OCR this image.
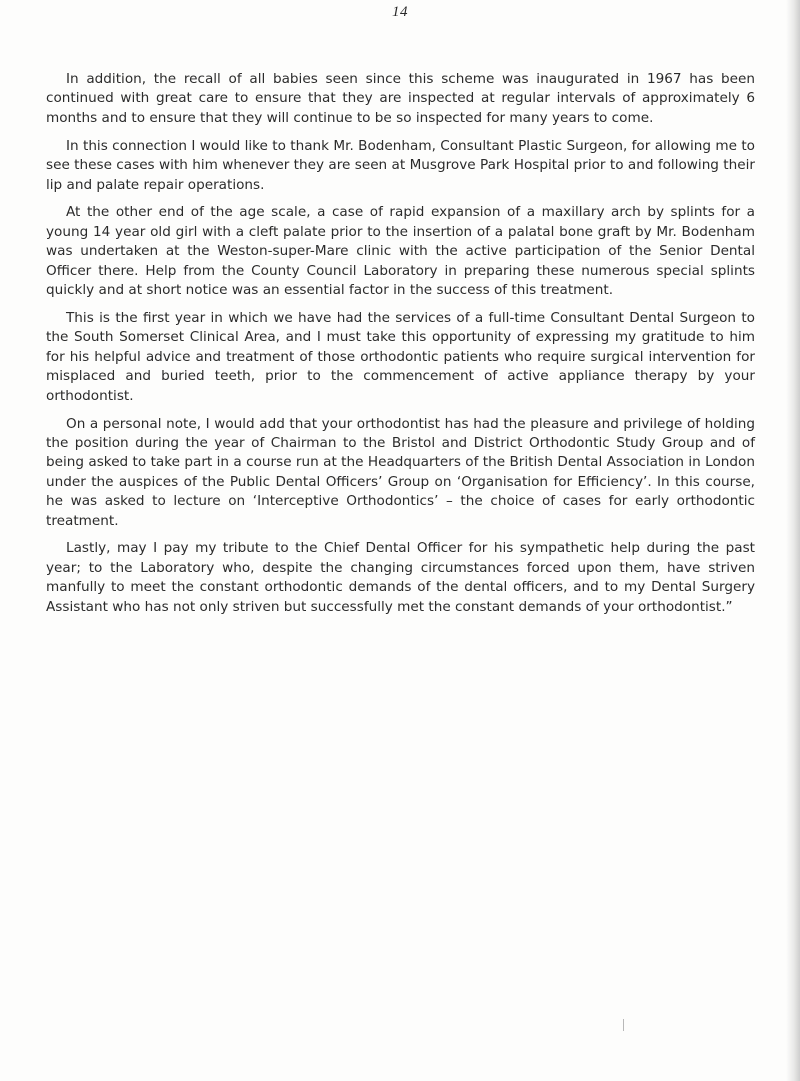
14

In addition, the recall of all babies seen since this scheme was inaugurated in 1967 has been continued with great care to ensure that they are inspected at regular intervals of approximately 6 months and to ensure that they will continue to be so inspected for many years to come.

In this connection I would like to thank Mr. Bodenham, Consultant Plastic Surgeon, for allowing me to see these cases with him whenever they are seen at Musgrove Park Hospital prior to and following their lip and palate repair operations.

At the other end of the age scale, a case of rapid expansion of a maxillary arch by splints for a young 14 year old girl with a cleft palate prior to the insertion of a palatal bone graft by Mr. Bodenham was undertaken at the Weston-super-Mare clinic with the active participation of the Senior Dental Officer there. Help from the County Council Laboratory in preparing these numerous special splints quickly and at short notice was an essential factor in the success of this treatment.

This is the first year in which we have had the services of a full-time Consultant Dental Surgeon to the South Somerset Clinical Area, and I must take this opportunity of expressing my gratitude to him for his helpful advice and treatment of those orthodontic patients who require surgical intervention for misplaced and buried teeth, prior to the commencement of active appliance therapy by your orthodontist.

On a personal note, I would add that your orthodontist has had the pleasure and privilege of holding the position during the year of Chairman to the Bristol and District Orthodontic Study Group and of being asked to take part in a course run at the Headquarters of the British Dental Association in London under the auspices of the Public Dental Officers’ Group on ‘Organisation for Efficiency’. In this course, he was asked to lecture on ‘Interceptive Orthodontics’ – the choice of cases for early orthodontic treatment.

Lastly, may I pay my tribute to the Chief Dental Officer for his sympathetic help during the past year; to the Laboratory who, despite the changing circumstances forced upon them, have striven manfully to meet the constant orthodontic demands of the dental officers, and to my Dental Surgery Assistant who has not only striven but successfully met the constant demands of your orthodontist.”
